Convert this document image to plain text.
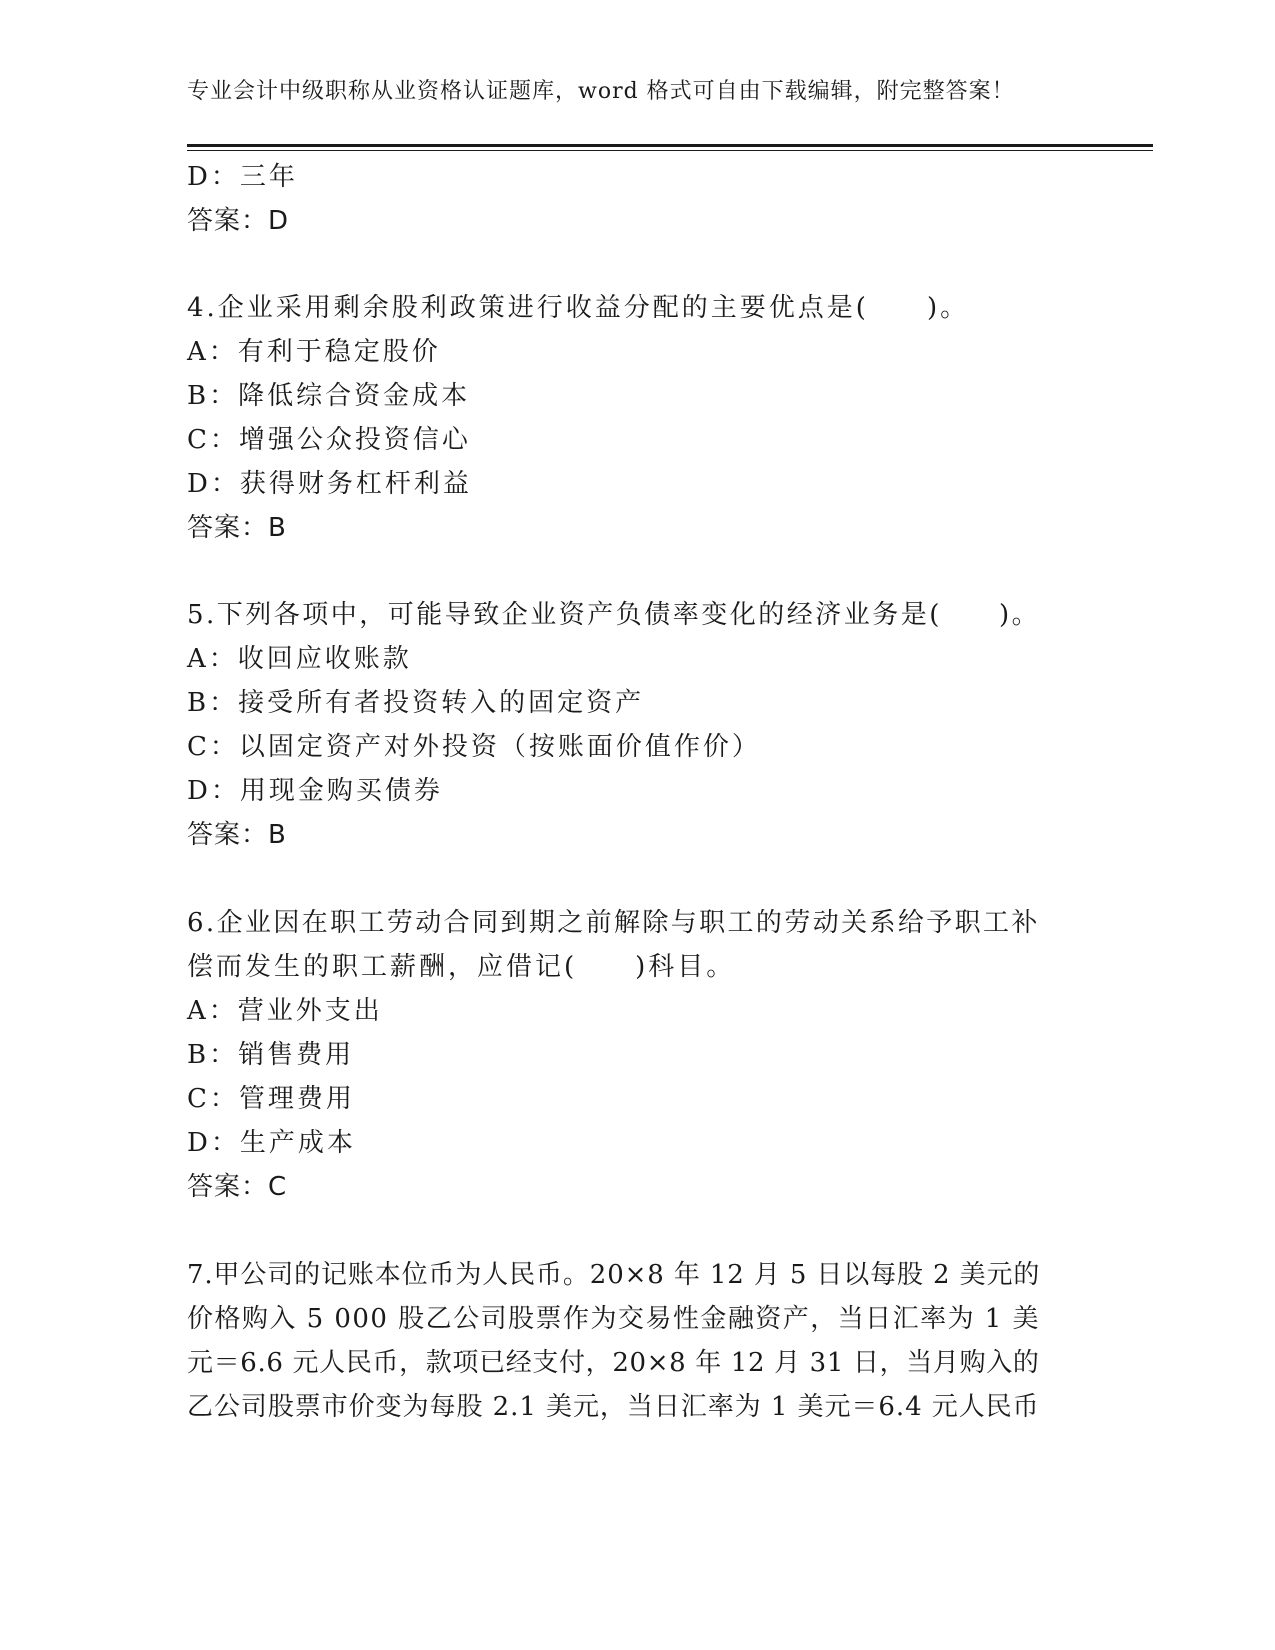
专业会计中级职称从业资格认证题库，word 格式可自由下载编辑，附完整答案！
D：三年
答案：D
4.企业采用剩余股利政策进行收益分配的主要优点是(　　)。
A：有利于稳定股价
B：降低综合资金成本
C：增强公众投资信心
D：获得财务杠杆利益
答案：B
5.下列各项中，可能导致企业资产负债率变化的经济业务是(　　)。
A：收回应收账款
B：接受所有者投资转入的固定资产
C：以固定资产对外投资（按账面价值作价）
D：用现金购买债券
答案：B
6.企业因在职工劳动合同到期之前解除与职工的劳动关系给予职工补
偿而发生的职工薪酬，应借记(　　)科目。
A：营业外支出
B：销售费用
C：管理费用
D：生产成本
答案：C
7.甲公司的记账本位币为人民币。20×8 年 12 月 5 日以每股 2 美元的
价格购入 5 000 股乙公司股票作为交易性金融资产，当日汇率为 1 美
元＝6.6 元人民币，款项已经支付，20×8 年 12 月 31 日，当月购入的
乙公司股票市价变为每股 2.1 美元，当日汇率为 1 美元＝6.4 元人民币
